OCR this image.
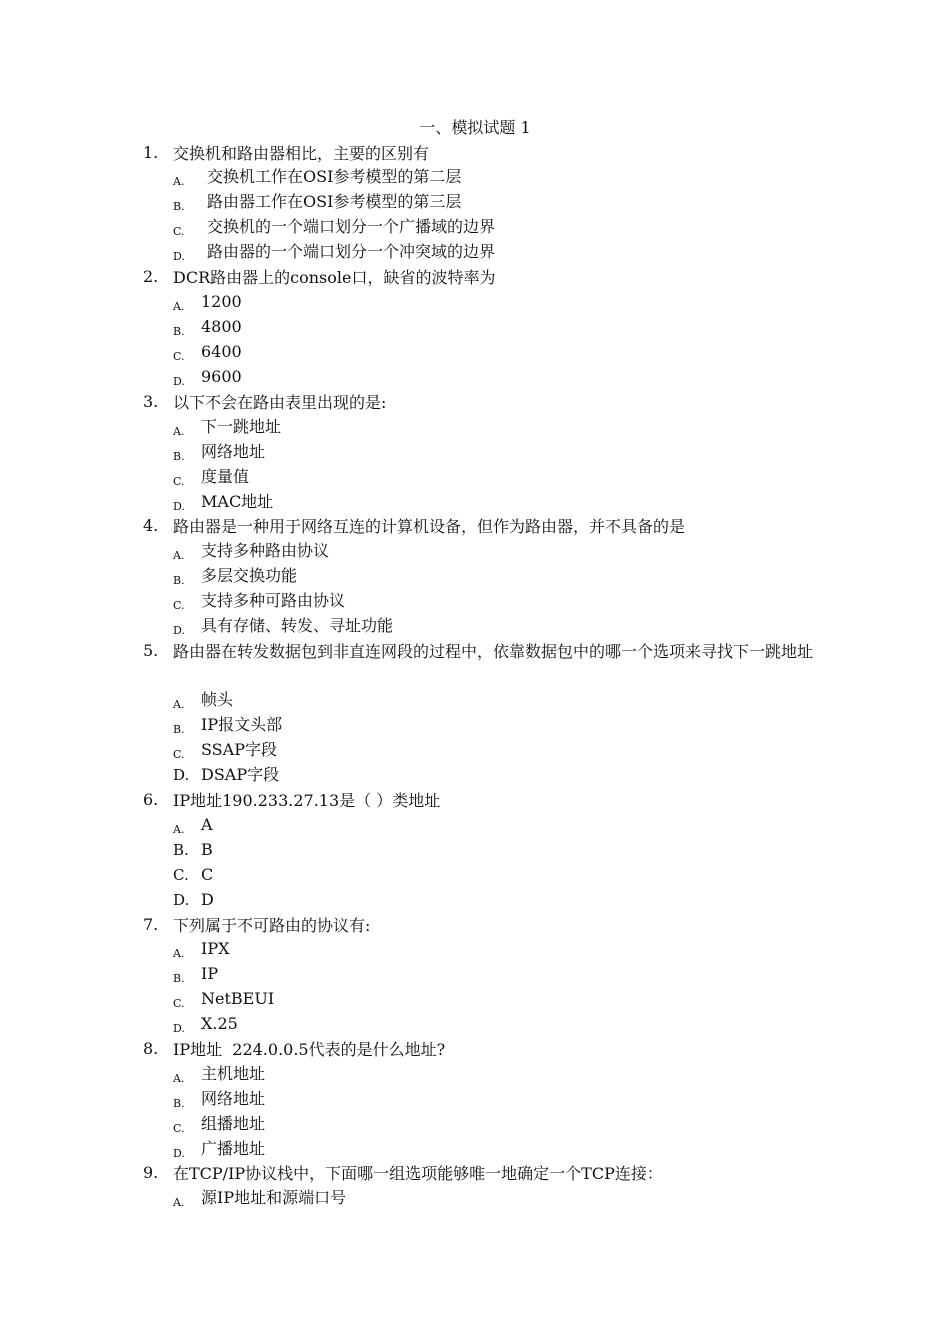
一、模拟试题 1
1. 交换机和路由器相比，主要的区别有
A. 交换机工作在OSI参考模型的第二层
B. 路由器工作在OSI参考模型的第三层
C. 交换机的一个端口划分一个广播域的边界
D. 路由器的一个端口划分一个冲突域的边界
2. DCR路由器上的console口，缺省的波特率为
A. 1200
B. 4800
C. 6400
D. 9600
3. 以下不会在路由表里出现的是:
A. 下一跳地址
B. 网络地址
C. 度量值
D. MAC地址
4. 路由器是一种用于网络互连的计算机设备，但作为路由器，并不具备的是
A. 支持多种路由协议
B. 多层交换功能
C. 支持多种可路由协议
D. 具有存储、转发、寻址功能
5. 路由器在转发数据包到非直连网段的过程中，依靠数据包中的哪一个选项来寻找下一跳地址
A. 帧头
B. IP报文头部
C. SSAP字段
D. DSAP字段
6. IP地址190.233.27.13是（ ）类地址
A. A
B. B
C. C
D. D
7. 下列属于不可路由的协议有:
A. IPX
B. IP
C. NetBEUI
D. X.25
8. IP地址  224.0.0.5代表的是什么地址?
A. 主机地址
B. 网络地址
C. 组播地址
D. 广播地址
9. 在TCP/IP协议栈中，下面哪一组选项能够唯一地确定一个TCP连接：
A. 源IP地址和源端口号
